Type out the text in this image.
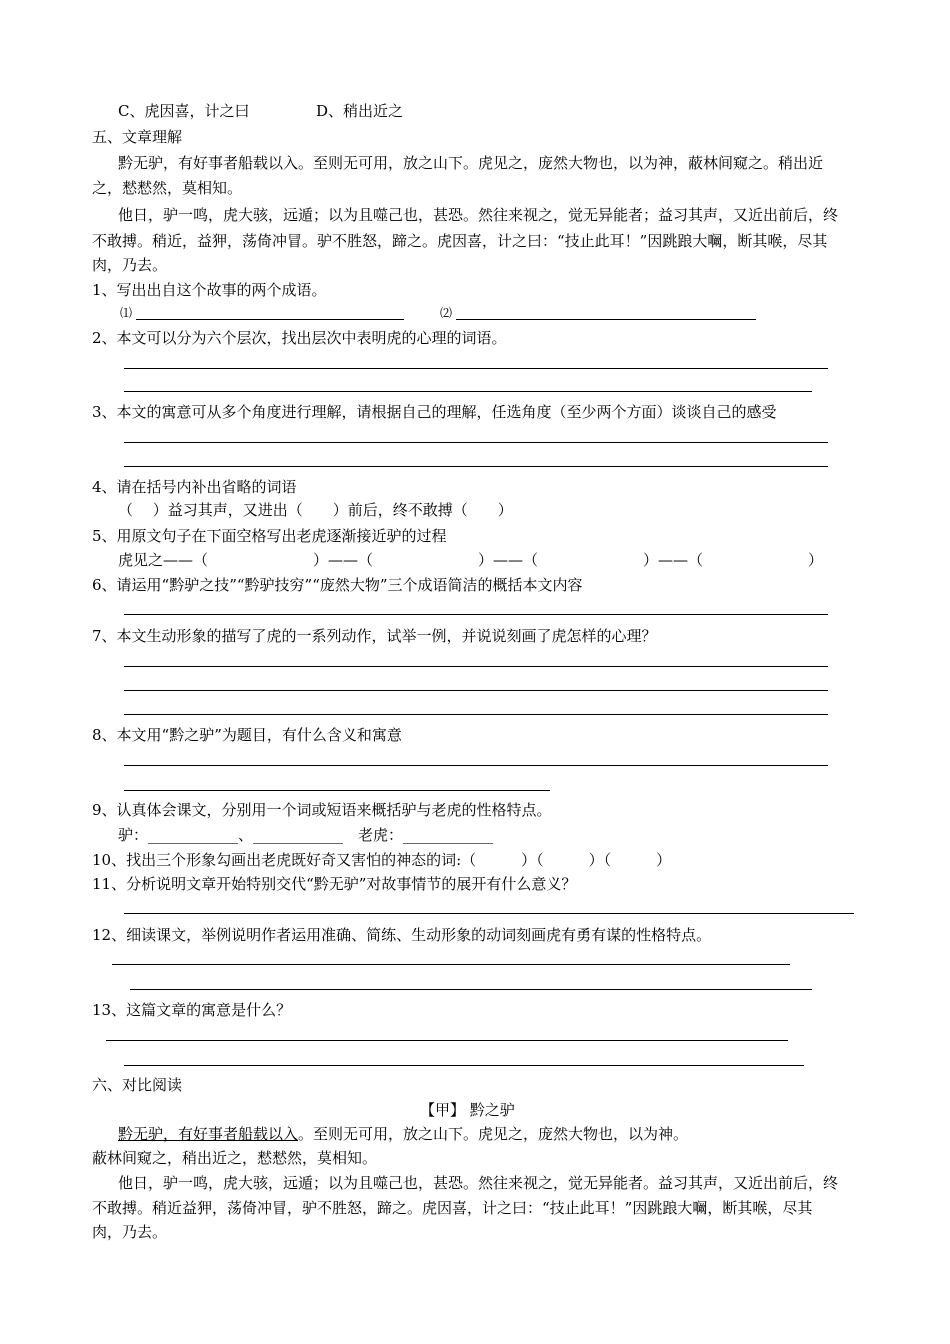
C、虎因喜，计之曰	D、稍出近之
五、文章理解
黔无驴，有好事者船载以入。至则无可用，放之山下。虎见之，庞然大物也，以为神，蔽林间窥之。稍出近
之，慭慭然，莫相知。
他日，驴一鸣，虎大骇，远遁；以为且噬己也，甚恐。然往来视之，觉无异能者；益习其声，又近出前后，终
不敢搏。稍近，益狎，荡倚冲冒。驴不胜怒，蹄之。虎因喜，计之曰：“技止此耳！”因跳踉大㘎，断其喉，尽其
肉，乃去。
1、写出出自这个故事的两个成语。
⑴	⑵
2、本文可以分为六个层次，找出层次中表明虎的心理的词语。
3、本文的寓意可从多个角度进行理解，请根据自己的理解，任选角度（至少两个方面）谈谈自己的感受
4、请在括号内补出省略的词语
（　 ）益习其声，又进出（　　）前后，终不敢搏（　　）
5、用原文句子在下面空格写出老虎逐渐接近驴的过程
虎见之——（　　　　　　　）——（　　　　　　　）——（　　　　　　　）——（　　　　　　　）
6、请运用“黔驴之技”“黔驴技穷”“庞然大物”三个成语简洁的概括本文内容
7、本文生动形象的描写了虎的一系列动作，试举一例，并说说刻画了虎怎样的心理？
8、本文用“黔之驴”为题目，有什么含义和寓意
9、认真体会课文，分别用一个词或短语来概括驴与老虎的性格特点。
驴：____________、____________　老虎：____________
10、找出三个形象勾画出老虎既好奇又害怕的神态的词:（　　　）（　　　）（　　　）
11、分析说明文章开始特别交代“黔无驴”对故事情节的展开有什么意义？
12、细读课文，举例说明作者运用准确、简练、生动形象的动词刻画虎有勇有谋的性格特点。
13、这篇文章的寓意是什么？
六、对比阅读
【甲】 黔之驴
黔无驴，有好事者船载以入。至则无可用，放之山下。虎见之，庞然大物也，以为神。
蔽林间窥之，稍出近之，慭慭然，莫相知。
他日，驴一鸣，虎大骇，远遁；以为且噬己也，甚恐。然往来视之，觉无异能者。益习其声，又近出前后，终
不敢搏。稍近益狎，荡倚冲冒，驴不胜怒，蹄之。虎因喜，计之曰：“技止此耳！”因跳踉大㘎，断其喉，尽其
肉，乃去。
